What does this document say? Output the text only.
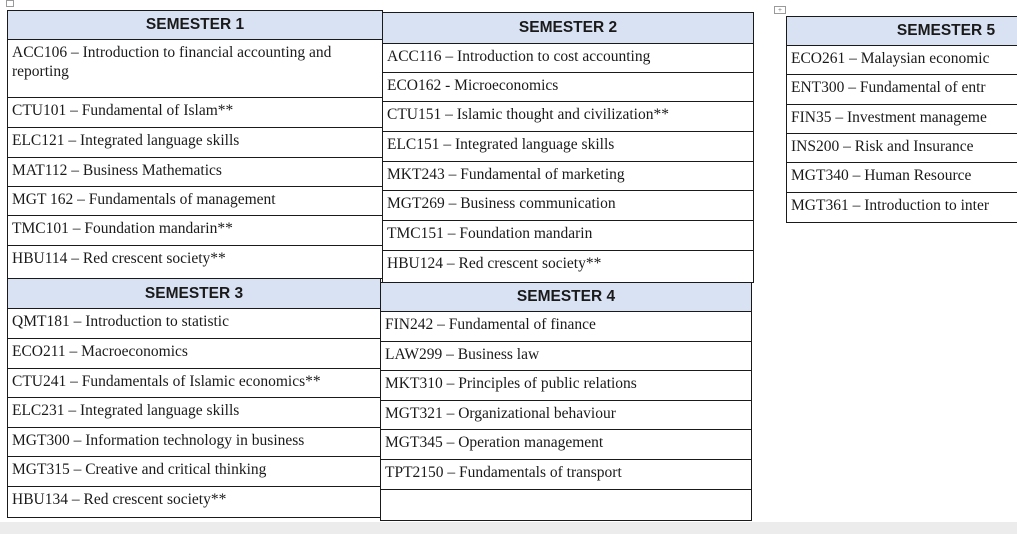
+
SEMESTER 1	SEMESTER 2
ACC106 – Introduction to financial accounting and reporting
CTU101 – Fundamental of Islam**
ELC121 – Integrated language skills
MAT112 – Business Mathematics
MGT 162 – Fundamentals of management
TMC101 – Foundation mandarin**
HBU114 – Red crescent society**
ACC116 – Introduction to cost accounting
ECO162 - Microeconomics
CTU151 – Islamic thought and civilization**
ELC151 – Integrated language skills
MKT243 – Fundamental of marketing
MGT269 – Business communication
TMC151 – Foundation mandarin
HBU124 – Red crescent society**
SEMESTER 3	SEMESTER 4
QMT181 – Introduction to statistic
ECO211 – Macroeconomics
CTU241 – Fundamentals of Islamic economics**
ELC231 – Integrated language skills
MGT300 – Information technology in business
MGT315 – Creative and critical thinking
HBU134 – Red crescent society**
FIN242 – Fundamental of finance
LAW299 – Business law
MKT310 – Principles of public relations
MGT321 – Organizational behaviour
MGT345 – Operation management
TPT2150 – Fundamentals of transport
SEMESTER 5
ECO261 – Malaysian economic
ENT300 – Fundamental of entr
FIN35 – Investment manageme
INS200 – Risk and Insurance
MGT340 – Human Resource
MGT361 – Introduction to inter
